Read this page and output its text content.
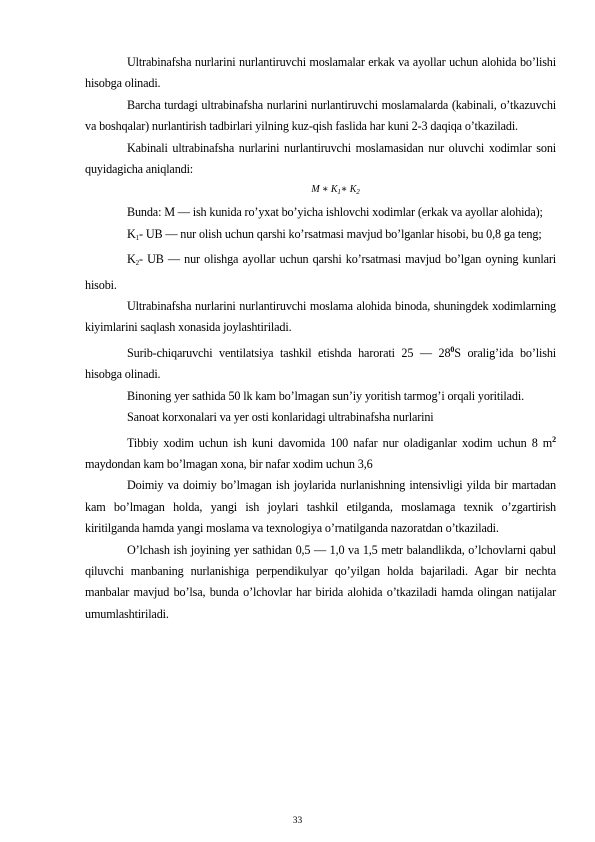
Ultrabinafsha nurlarini nurlantiruvchi moslamalar erkak va ayollar uchun alohida bo’lishi hisobga olinadi.

Barcha turdagi ultrabinafsha nurlarini nurlantiruvchi moslamalarda (kabinali, o’tkazuvchi va boshqalar) nurlantirish tadbirlari yilning kuz-qish faslida har kuni 2-3 daqiqa o’tkaziladi.

Kabinali ultrabinafsha nurlarini nurlantiruvchi moslamasidan nur oluvchi xodimlar soni quyidagicha aniqlandi:

M ∗ $K_1∗$ $K_2$

Bunda: M — ish kunida ro’yxat bo’yicha ishlovchi xodimlar (erkak va ayollar alohida);

$K_1-$ UB — nur olish uchun qarshi ko’rsatmasi mavjud bo’lganlar hisobi, bu 0,8 ga teng;

$K_2-$ UB — nur olishga ayollar uchun qarshi ko’rsatmasi mavjud bo’lgan oyning kunlari hisobi.

Ultrabinafsha nurlarini nurlantiruvchi moslama alohida binoda, shuningdek xodimlarning kiyimlarini saqlash xonasida joylashtiriladi.

Surib-chiqaruvchi ventilatsiya tashkil etishda harorati 25 — $28^0S$ oralig’ida bo’lishi hisobga olinadi.

Binoning yer sathida 50 lk kam bo’lmagan sun’iy yoritish tarmog’i orqali yoritiladi.

Sanoat korxonalari va yer osti konlaridagi ultrabinafsha nurlarini

Tibbiy xodim uchun ish kuni davomida 100 nafar nur oladiganlar xodim uchun 8 $m^2$ maydondan kam bo’lmagan xona, bir nafar xodim uchun 3,6

Doimiy va doimiy bo’lmagan ish joylarida nurlanishning intensivligi yilda bir martadan kam bo’lmagan holda, yangi ish joylari tashkil etilganda, moslamaga texnik o’zgartirish kiritilganda hamda yangi moslama va texnologiya o’rnatilganda nazoratdan o’tkaziladi.

O’lchash ish joyining yer sathidan 0,5 — 1,0 va 1,5 metr balandlikda, o’lchovlarni qabul qiluvchi manbaning nurlanishiga perpendikulyar qo’yilgan holda bajariladi. Agar bir nechta manbalar mavjud bo’lsa, bunda o’lchovlar har birida alohida o’tkaziladi hamda olingan natijalar umumlashtiriladi.

33
